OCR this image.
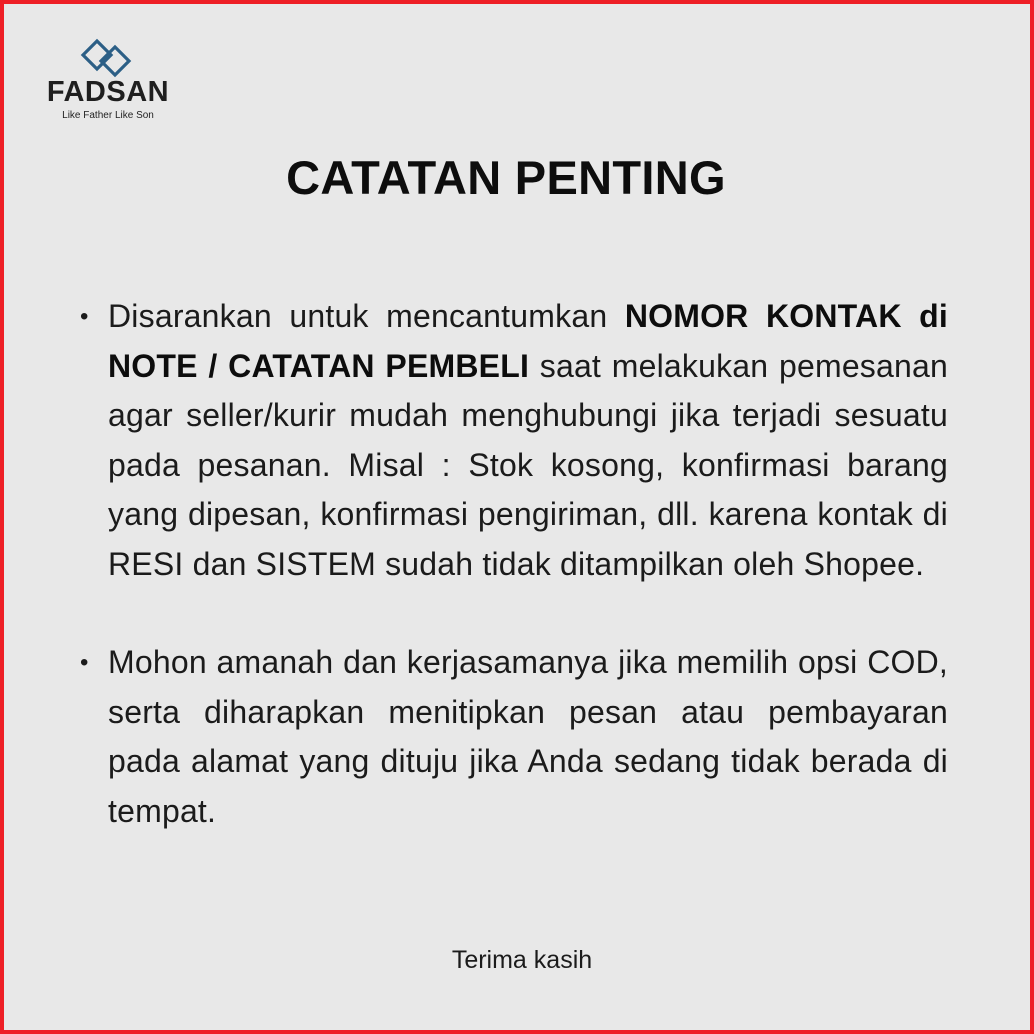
FADSAN
Like Father Like Son
CATATAN PENTING
• Disarankan untuk mencantumkan NOMOR KONTAK di NOTE / CATATAN PEMBELI saat melakukan pemesanan agar seller/kurir mudah menghubungi jika terjadi sesuatu pada pesanan. Misal : Stok kosong, konfirmasi barang yang dipesan, konfirmasi pengiriman, dll. karena kontak di RESI dan SISTEM sudah tidak ditampilkan oleh Shopee.
• Mohon amanah dan kerjasamanya jika memilih opsi COD, serta diharapkan menitipkan pesan atau pembayaran pada alamat yang dituju jika Anda sedang tidak berada di tempat.
Terima kasih
